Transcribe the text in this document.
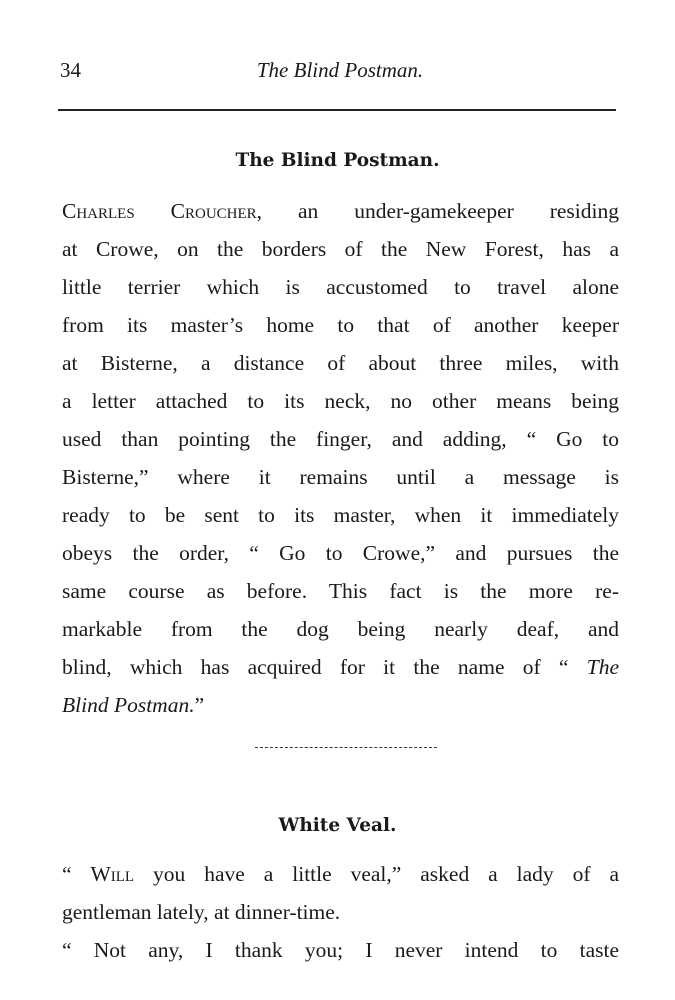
34	The Blind Postman.
The Blind Postman.
Charles Croucher, an under-gamekeeper residing
at Crowe, on the borders of the New Forest, has a
little terrier which is accustomed to travel alone
from its master’s home to that of another keeper
at Bisterne, a distance of about three miles, with
a letter attached to its neck, no other means being
used than pointing the finger, and adding, “ Go to
Bisterne,” where it remains until a message is
ready to be sent to its master, when it immediately
obeys the order, “ Go to Crowe,” and pursues the
same course as before. This fact is the more re-
markable from the dog being nearly deaf, and
blind, which has acquired for it the name of “ The
Blind Postman.”
White Veal.
“ Will you have a little veal,” asked a lady of a
gentleman lately, at dinner-time.
“ Not any, I thank you; I never intend to taste
